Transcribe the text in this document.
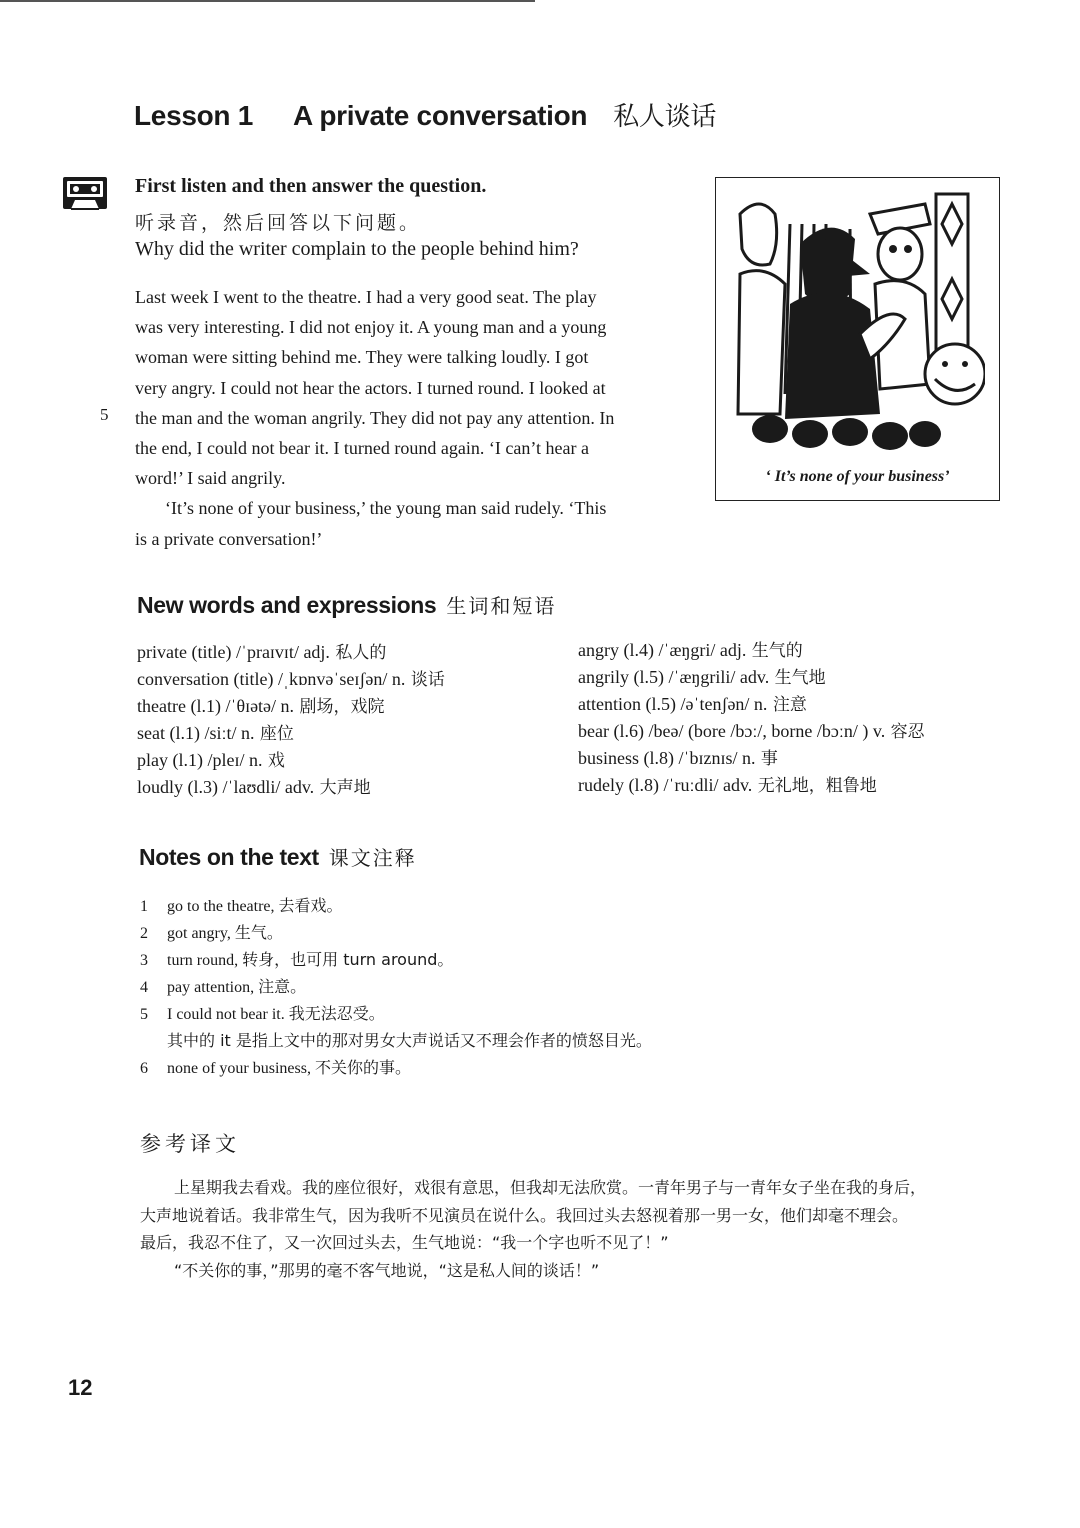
Lesson 1 A private conversation 私人谈话
First listen and then answer the question.
听录音，然后回答以下问题。
Why did the writer complain to the people behind him?
Last week I went to the theatre. I had a very good seat. The play
was very interesting. I did not enjoy it. A young man and a young
woman were sitting behind me. They were talking loudly. I got
very angry. I could not hear the actors. I turned round. I looked at
the man and the woman angrily. They did not pay any attention. In
the end, I could not bear it. I turned round again. ‘I can’t hear a
word!’ I said angrily.
‘It’s none of your business,’ the young man said rudely. ‘This
is a private conversation!’
5
‘ It’s none of your business’
New words and expressions 生词和短语
private (title) /ˈpraɪvɪt/ adj. 私人的
conversation (title) /ˌkɒnvəˈseɪʃən/ n. 谈话
theatre (l.1) /ˈθɪətə/ n. 剧场，戏院
seat (l.1) /siːt/ n. 座位
play (l.1) /pleɪ/ n. 戏
loudly (l.3) /ˈlaʊdli/ adv. 大声地
angry (l.4) /ˈæŋgri/ adj. 生气的
angrily (l.5) /ˈæŋgrili/ adv. 生气地
attention (l.5) /əˈtenʃən/ n. 注意
bear (l.6) /beə/ (bore /bɔː/, borne /bɔːn/ ) v. 容忍
business (l.8) /ˈbɪznɪs/ n. 事
rudely (l.8) /ˈruːdli/ adv. 无礼地，粗鲁地
Notes on the text 课文注释
1 go to the theatre, 去看戏。
2 got angry, 生气。
3 turn round, 转身，也可用 turn around。
4 pay attention, 注意。
5 I could not bear it. 我无法忍受。
其中的 it 是指上文中的那对男女大声说话又不理会作者的愤怒目光。
6 none of your business, 不关你的事。
参考译文
上星期我去看戏。我的座位很好，戏很有意思，但我却无法欣赏。一青年男子与一青年女子坐在我的身后，
大声地说着话。我非常生气，因为我听不见演员在说什么。我回过头去怒视着那一男一女，他们却毫不理会。
最后，我忍不住了，又一次回过头去，生气地说：“我一个字也听不见了！”
“不关你的事，”那男的毫不客气地说，“这是私人间的谈话！”
12
